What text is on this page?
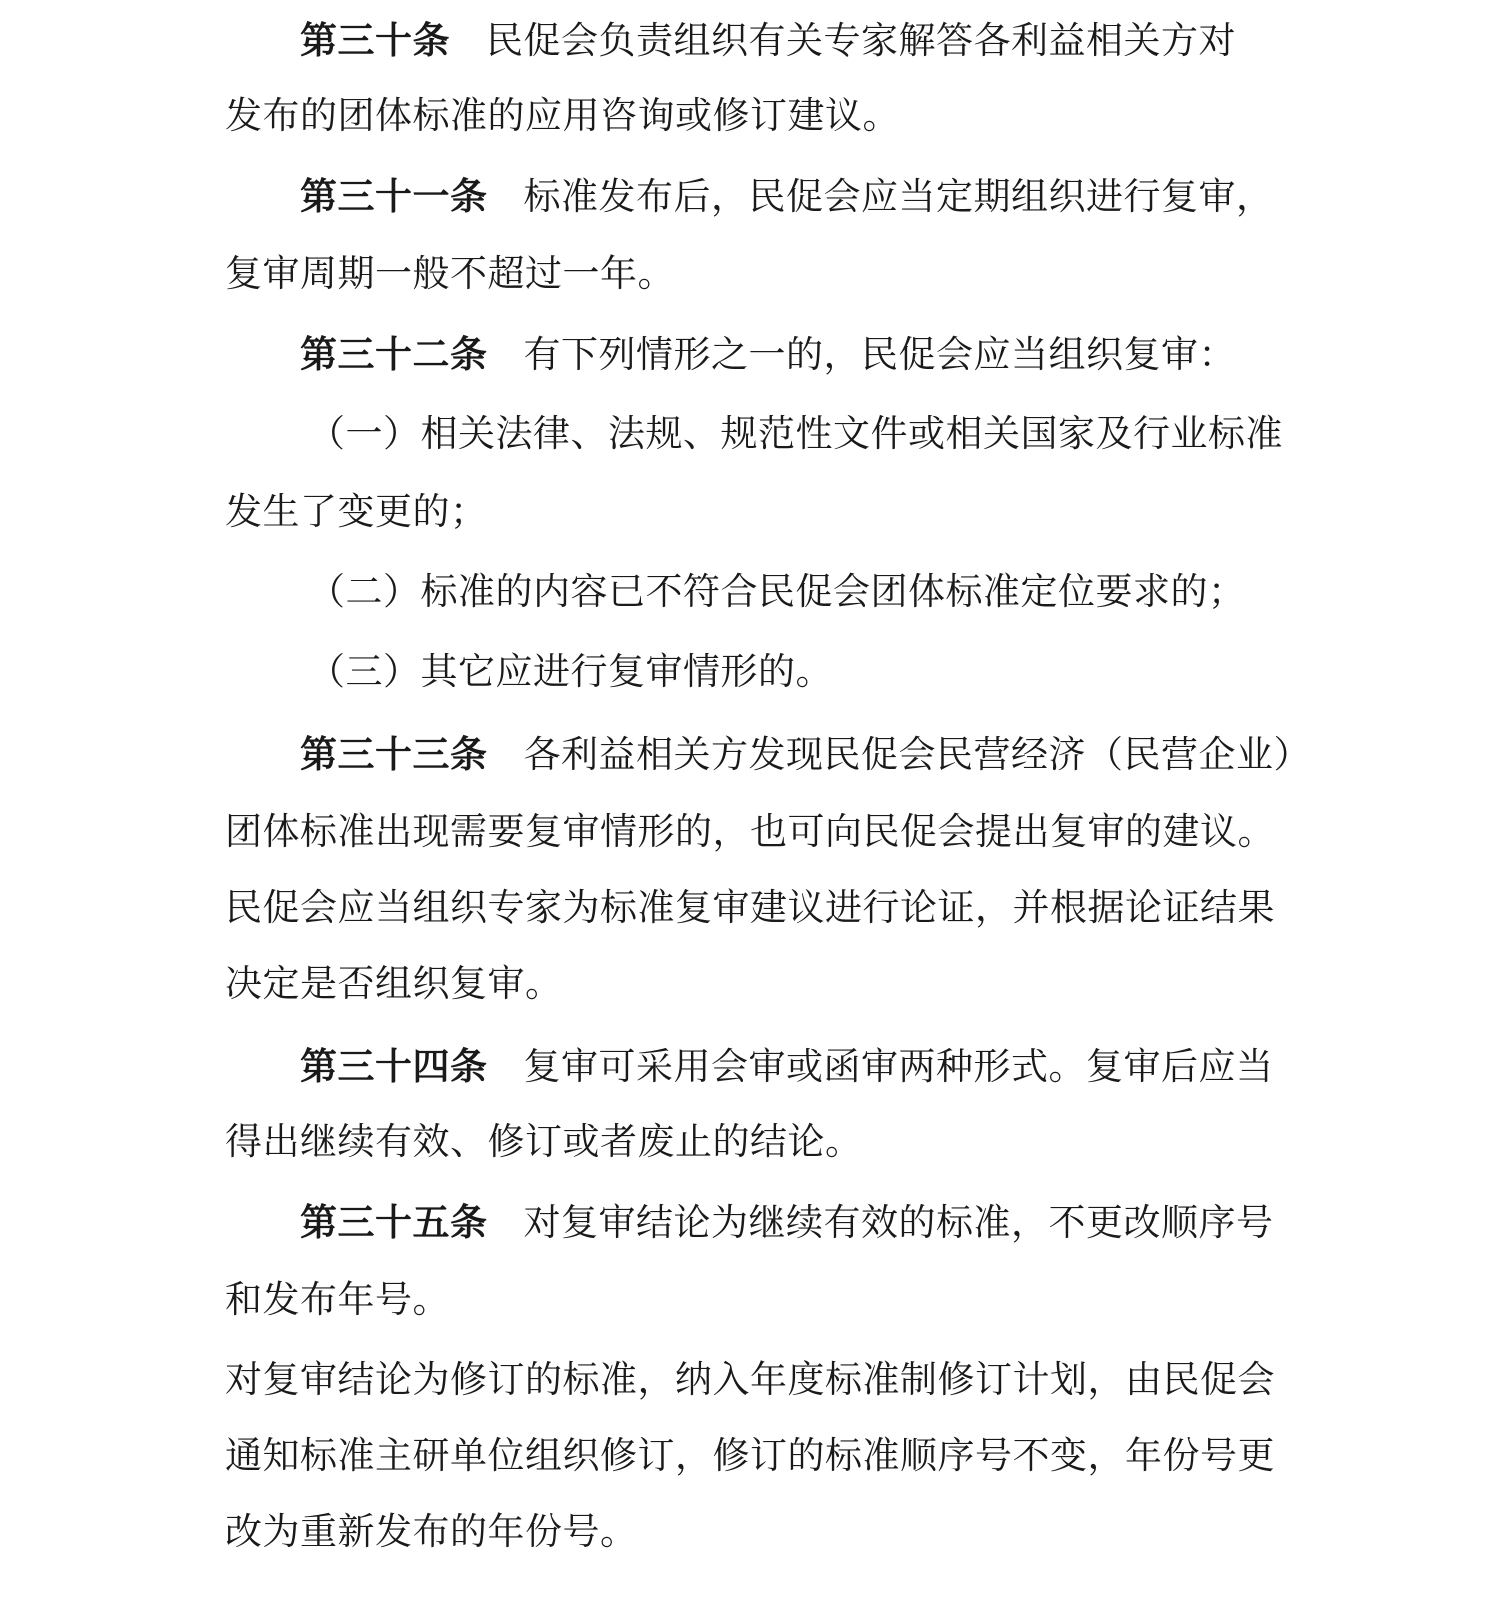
第三十条 民促会负责组织有关专家解答各利益相关方对
发布的团体标准的应用咨询或修订建议。
第三十一条 标准发布后，民促会应当定期组织进行复审，
复审周期一般不超过一年。
第三十二条 有下列情形之一的，民促会应当组织复审：
（一）相关法律、法规、规范性文件或相关国家及行业标准
发生了变更的；
（二）标准的内容已不符合民促会团体标准定位要求的；
（三）其它应进行复审情形的。
第三十三条 各利益相关方发现民促会民营经济（民营企业）
团体标准出现需要复审情形的，也可向民促会提出复审的建议。
民促会应当组织专家为标准复审建议进行论证，并根据论证结果
决定是否组织复审。
第三十四条 复审可采用会审或函审两种形式。复审后应当
得出继续有效、修订或者废止的结论。
第三十五条 对复审结论为继续有效的标准，不更改顺序号
和发布年号。
对复审结论为修订的标准，纳入年度标准制修订计划，由民促会
通知标准主研单位组织修订，修订的标准顺序号不变，年份号更
改为重新发布的年份号。
